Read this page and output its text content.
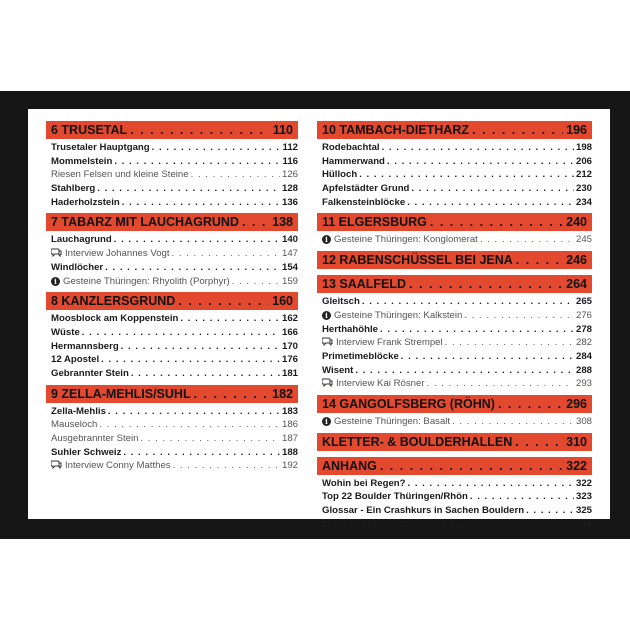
6 TRUSETAL . . .	110
Trusetaler Hauptgang . . .	112
Mommelstein . . .	116
Riesen Felsen und kleine Steine . . .	126
Stahlberg . . .	128
Haderholzstein . . .	136
7 TABARZ MIT LAUCHAGRUND . . .	138
Lauchagrund . . .	140
Interview Johannes Vogt . . .	147
Windlöcher . . .	154
i Gesteine Thüringen: Rhyolith (Porphyr) . . .	159
8 KANZLERSGRUND . . .	160
Moosblock am Koppenstein . . .	162
Wüste . . .	166
Hermannsberg . . .	170
12 Apostel . . .	176
Gebrannter Stein . . .	181
9 ZELLA-MEHLIS/SUHL . . .	182
Zella-Mehlis . . .	183
Mauseloch . . .	186
Ausgebrannter Stein . . .	187
Suhler Schweiz . . .	188
Interview Conny Matthes . . .	192
10 TAMBACH-DIETHARZ . . .	196
Rodebachtal . . .	198
Hammerwand . . .	206
Hülloch . . .	212
Apfelstädter Grund . . .	230
Falkensteinblöcke . . .	234
11 ELGERSBURG . . .	240
i Gesteine Thüringen: Konglomerat . . .	245
12 RABENSCHÜSSEL BEI JENA . . .	246
13 SAALFELD . . .	264
Gleitsch . . .	265
i Gesteine Thüringen: Kalkstein . . .	276
Herthahöhle . . .	278
Interview Frank Strempel . . .	282
Primetimeblöcke . . .	284
Wisent . . .	288
Interview Kai Rösner . . .	293
14 GANGOLFSBERG (RÖHN) . . .	296
i Gesteine Thüringen: Basalt . . .	308
KLETTER- & BOULDERHALLEN . . .	310
ANHANG . . .	322
Wohin bei Regen? . . .	322
Top 22 Boulder Thüringen/Rhön . . .	323
Glossar - Ein Crashkurs in Sachen Bouldern . . .	325
Schwierigkeitsvergleichsskala . . .	336
